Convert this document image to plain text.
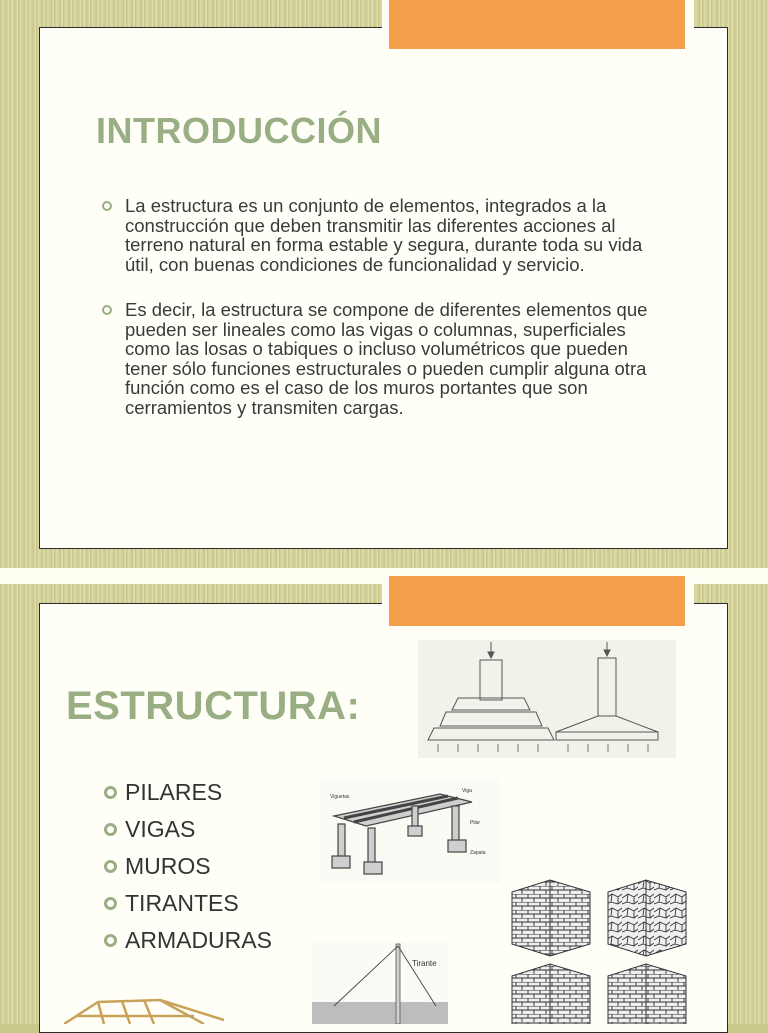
INTRODUCCIÓN
La estructura es un conjunto de elementos, integrados a la construcción que deben transmitir las diferentes acciones al terreno natural en forma estable y segura, durante toda su vida útil, con buenas condiciones de funcionalidad y servicio.
Es decir, la estructura se compone de diferentes elementos que pueden ser lineales como las vigas o columnas, superficiales como las losas o tabiques o incluso volumétricos que pueden tener sólo funciones estructurales o pueden cumplir alguna otra función como es el caso de los muros portantes que son cerramientos y transmiten cargas.
ESTRUCTURA:
PILARES
VIGAS
MUROS
TIRANTES
ARMADURAS
Viguetas
Viga
Pilar
Zapata
Tirante
